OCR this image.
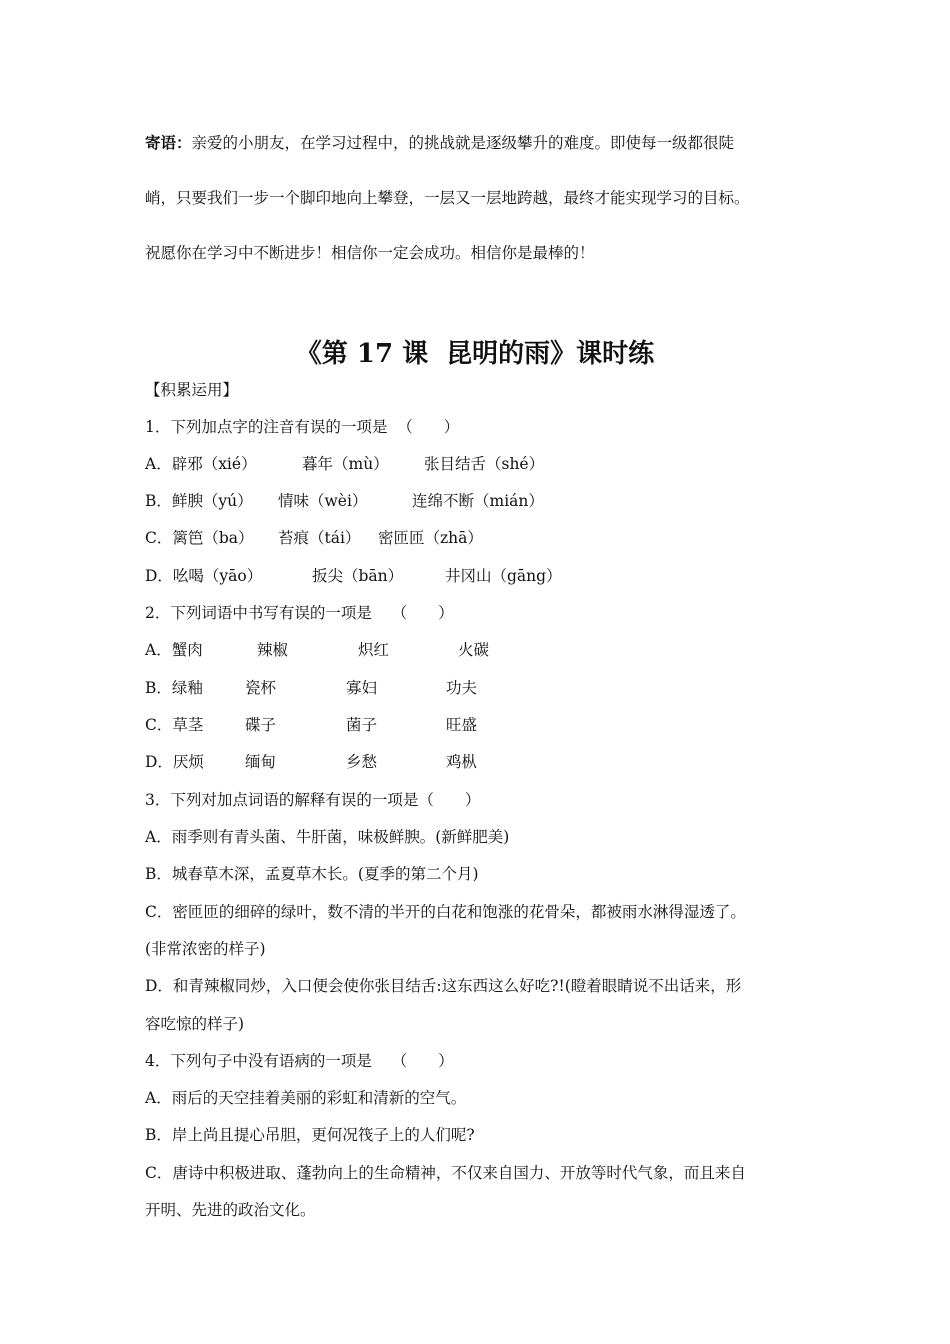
寄语：亲爱的小朋友，在学习过程中，的挑战就是逐级攀升的难度。即使每一级都很陡
峭，只要我们一步一个脚印地向上攀登，一层又一层地跨越，最终才能实现学习的目标。
祝愿你在学习中不断进步！相信你一定会成功。相信你是最棒的！
《第 17 课  昆明的雨》课时练
【积累运用】
1．下列加点字的注音有误的一项是  （　　）
A．辟邪（xié）	暮年（mù） 张目结舌（shé）
B．鲜腴（yú） 情味（wèi）	连绵不断（mián）
C．篱笆（ba） 苔痕（tái） 密匝匝（zhā）
D．吆喝（yāo）	扳尖（bān）	井冈山（gāng）
2．下列词语中书写有误的一项是    （　　）
A．蟹肉	辣椒	炽红	火碳
B．绿釉	瓷杯	寡妇	功夫
C．草茎	碟子	菌子	旺盛
D．厌烦	缅甸	乡愁	鸡枞
3．下列对加点词语的解释有误的一项是（　　）
A．雨季则有青头菌、牛肝菌，味极鲜腴。(新鲜肥美)
B．城春草木深，孟夏草木长。(夏季的第二个月)
C．密匝匝的细碎的绿叶，数不清的半开的白花和饱涨的花骨朵，都被雨水淋得湿透了。
(非常浓密的样子)
D．和青辣椒同炒，入口便会使你张目结舌:这东西这么好吃?!(瞪着眼睛说不出话来，形
容吃惊的样子)
4．下列句子中没有语病的一项是    （　　）
A．雨后的天空挂着美丽的彩虹和清新的空气。
B．岸上尚且提心吊胆，更何况筏子上的人们呢?
C．唐诗中积极进取、蓬勃向上的生命精神，不仅来自国力、开放等时代气象，而且来自
开明、先进的政治文化。
